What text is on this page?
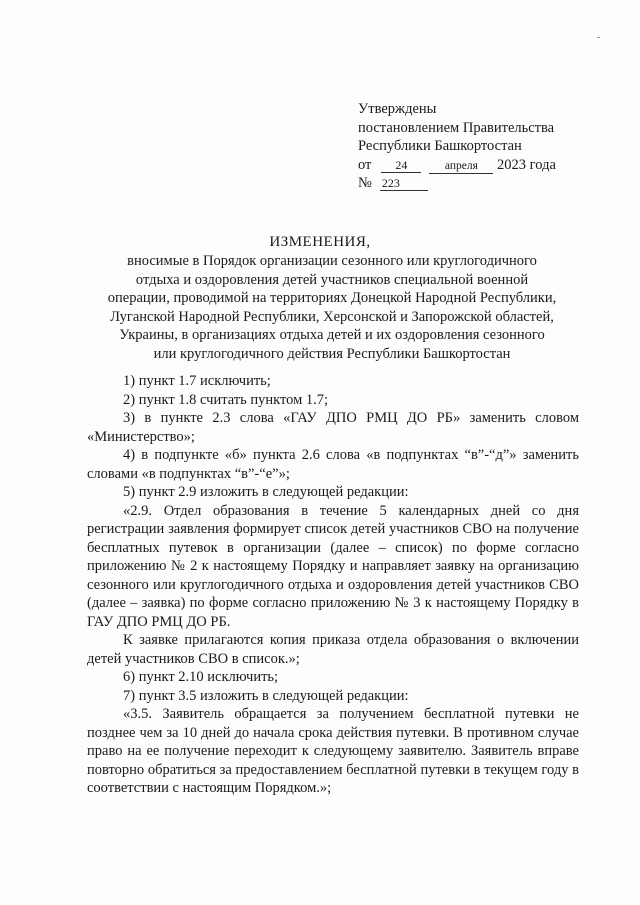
Утверждены
постановлением Правительства
Республики Башкортостан
от 24	апреля 2023 года
№ 223
ИЗМЕНЕНИЯ,
вносимые в Порядок организации сезонного или круглогодичного
отдыха и оздоровления детей участников специальной военной
операции, проводимой на территориях Донецкой Народной Республики,
Луганской Народной Республики, Херсонской и Запорожской областей,
Украины, в организациях отдыха детей и их оздоровления сезонного
или круглогодичного действия Республики Башкортостан

1) пункт 1.7 исключить;

2) пункт 1.8 считать пунктом 1.7;

3) в пункте 2.3 слова «ГАУ ДПО РМЦ ДО РБ» заменить словом «Министерство»;

4) в подпункте «б» пункта 2.6 слова «в подпунктах “в”-“д”» заменить словами «в подпунктах “в”-“е”»;

5) пункт 2.9 изложить в следующей редакции:

«2.9. Отдел образования в течение 5 календарных дней со дня регистрации заявления формирует список детей участников СВО на получение бесплатных путевок в организации (далее – список) по форме согласно приложению № 2 к настоящему Порядку и направляет заявку на организацию сезонного или круглогодичного отдыха и оздоровления детей участников СВО (далее – заявка) по форме согласно приложению № 3 к настоящему Порядку в ГАУ ДПО РМЦ ДО РБ.

К заявке прилагаются копия приказа отдела образования о включении детей участников СВО в список.»;

6) пункт 2.10 исключить;

7) пункт 3.5 изложить в следующей редакции:

«3.5. Заявитель обращается за получением бесплатной путевки не позднее чем за 10 дней до начала срока действия путевки. В противном случае право на ее получение переходит к следующему заявителю. Заявитель вправе повторно обратиться за предоставлением бесплатной путевки в текущем году в соответствии с настоящим Порядком.»;
